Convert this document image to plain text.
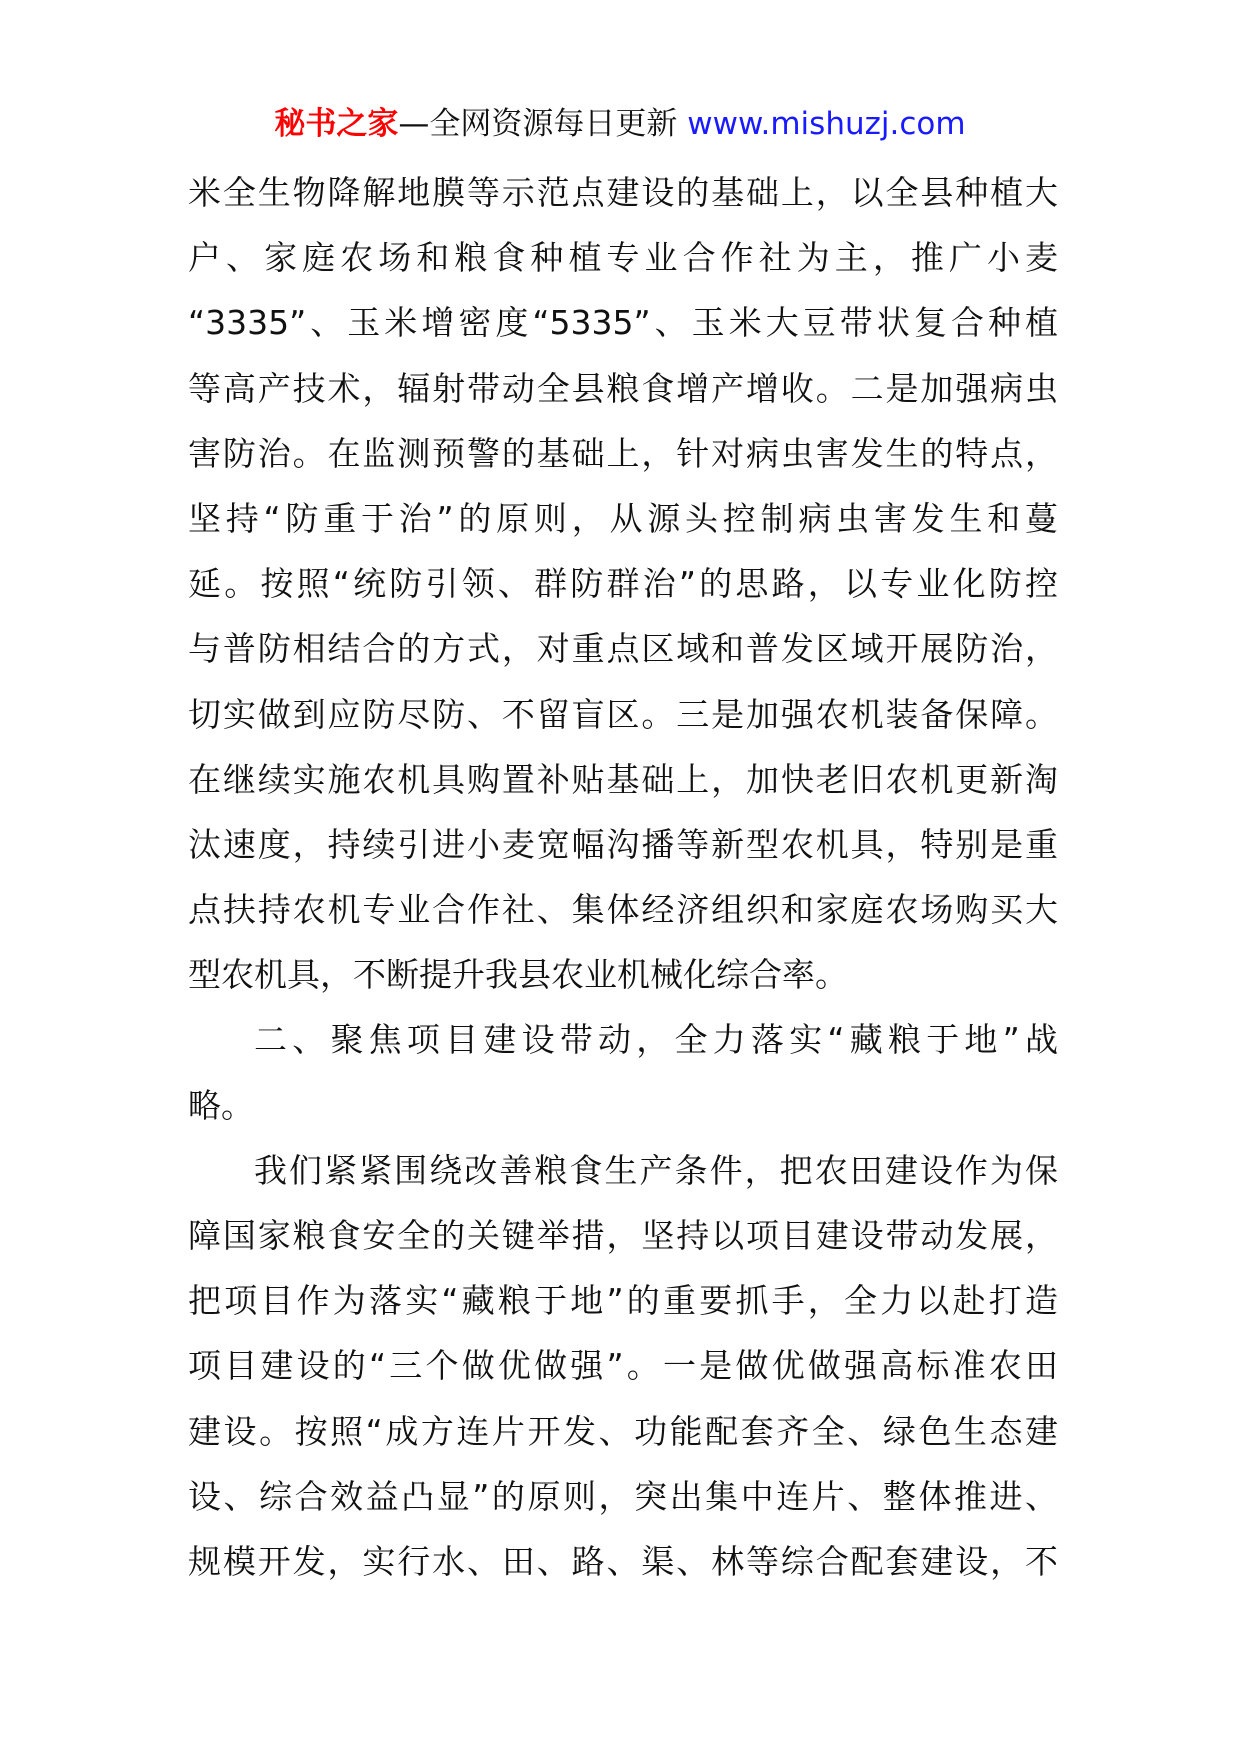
秘书之家—全网资源每日更新 www.mishuzj.com
米全生物降解地膜等示范点建设的基础上，以全县种植大
户、家庭农场和粮食种植专业合作社为主，推广小麦
“3335”、玉米增密度“5335”、玉米大豆带状复合种植
等高产技术，辐射带动全县粮食增产增收。二是加强病虫
害防治。在监测预警的基础上，针对病虫害发生的特点，
坚持“防重于治”的原则，从源头控制病虫害发生和蔓
延。按照“统防引领、群防群治”的思路，以专业化防控
与普防相结合的方式，对重点区域和普发区域开展防治，
切实做到应防尽防、不留盲区。三是加强农机装备保障。
在继续实施农机具购置补贴基础上，加快老旧农机更新淘
汰速度，持续引进小麦宽幅沟播等新型农机具，特别是重
点扶持农机专业合作社、集体经济组织和家庭农场购买大
型农机具，不断提升我县农业机械化综合率。
二、聚焦项目建设带动，全力落实“藏粮于地”战
略。
我们紧紧围绕改善粮食生产条件，把农田建设作为保
障国家粮食安全的关键举措，坚持以项目建设带动发展，
把项目作为落实“藏粮于地”的重要抓手，全力以赴打造
项目建设的“三个做优做强”。一是做优做强高标准农田
建设。按照“成方连片开发、功能配套齐全、绿色生态建
设、综合效益凸显”的原则，突出集中连片、整体推进、
规模开发，实行水、田、路、渠、林等综合配套建设，不
